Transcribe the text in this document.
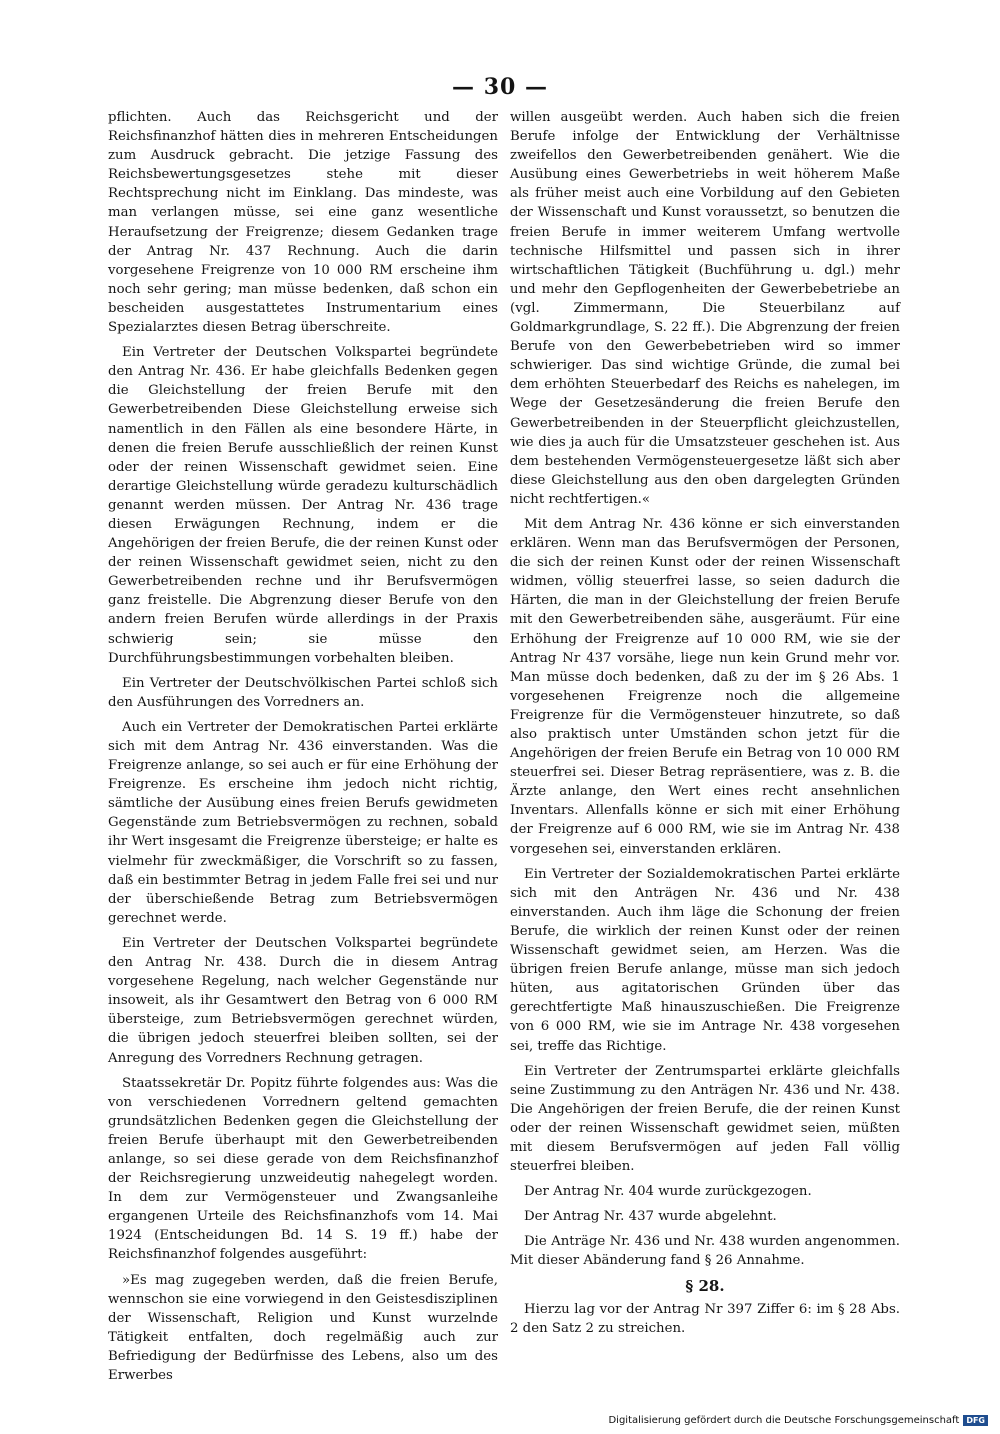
— 30 —

pflichten. Auch das Reichsgericht und der Reichsfinanzhof hätten dies in mehreren Entscheidungen zum Ausdruck gebracht. Die jetzige Fassung des Reichsbewertungsgesetzes stehe mit dieser Rechtsprechung nicht im Einklang. Das mindeste, was man verlangen müsse, sei eine ganz wesentliche Heraufsetzung der Freigrenze; diesem Gedanken trage der Antrag Nr. 437 Rechnung. Auch die darin vorgesehene Freigrenze von 10 000 RM erscheine ihm noch sehr gering; man müsse bedenken, daß schon ein bescheiden ausgestattetes Instrumentarium eines Spezialarztes diesen Betrag überschreite.

Ein Vertreter der Deutschen Volkspartei begründete den Antrag Nr. 436. Er habe gleichfalls Bedenken gegen die Gleichstellung der freien Berufe mit den Gewerbetreibenden Diese Gleichstellung erweise sich namentlich in den Fällen als eine besondere Härte, in denen die freien Berufe ausschließlich der reinen Kunst oder der reinen Wissenschaft gewidmet seien. Eine derartige Gleichstellung würde geradezu kulturschädlich genannt werden müssen. Der Antrag Nr. 436 trage diesen Erwägungen Rechnung, indem er die Angehörigen der freien Berufe, die der reinen Kunst oder der reinen Wissenschaft gewidmet seien, nicht zu den Gewerbetreibenden rechne und ihr Berufsvermögen ganz freistelle. Die Abgrenzung dieser Berufe von den andern freien Berufen würde allerdings in der Praxis schwierig sein; sie müsse den Durchführungsbestimmungen vorbehalten bleiben.

Ein Vertreter der Deutschvölkischen Partei schloß sich den Ausführungen des Vorredners an.

Auch ein Vertreter der Demokratischen Partei erklärte sich mit dem Antrag Nr. 436 einverstanden. Was die Freigrenze anlange, so sei auch er für eine Erhöhung der Freigrenze. Es erscheine ihm jedoch nicht richtig, sämtliche der Ausübung eines freien Berufs gewidmeten Gegenstände zum Betriebsvermögen zu rechnen, sobald ihr Wert insgesamt die Freigrenze übersteige; er halte es vielmehr für zweckmäßiger, die Vorschrift so zu fassen, daß ein bestimmter Betrag in jedem Falle frei sei und nur der überschießende Betrag zum Betriebsvermögen gerechnet werde.

Ein Vertreter der Deutschen Volkspartei begründete den Antrag Nr. 438. Durch die in diesem Antrag vorgesehene Regelung, nach welcher Gegenstände nur insoweit, als ihr Gesamtwert den Betrag von 6 000 RM übersteige, zum Betriebsvermögen gerechnet würden, die übrigen jedoch steuerfrei bleiben sollten, sei der Anregung des Vorredners Rechnung getragen.

Staatssekretär Dr. Popitz führte folgendes aus: Was die von verschiedenen Vorrednern geltend gemachten grundsätzlichen Bedenken gegen die Gleichstellung der freien Berufe überhaupt mit den Gewerbetreibenden anlange, so sei diese gerade von dem Reichsfinanzhof der Reichsregierung unzweideutig nahegelegt worden. In dem zur Vermögensteuer und Zwangsanleihe ergangenen Urteile des Reichsfinanzhofs vom 14. Mai 1924 (Entscheidungen Bd. 14 S. 19 ff.) habe der Reichsfinanzhof folgendes ausgeführt:

»Es mag zugegeben werden, daß die freien Berufe, wennschon sie eine vorwiegend in den Geistesdisziplinen der Wissenschaft, Religion und Kunst wurzelnde Tätigkeit entfalten, doch regelmäßig auch zur Befriedigung der Bedürfnisse des Lebens, also um des Erwerbes

willen ausgeübt werden. Auch haben sich die freien Berufe infolge der Entwicklung der Verhältnisse zweifellos den Gewerbetreibenden genähert. Wie die Ausübung eines Gewerbetriebs in weit höherem Maße als früher meist auch eine Vorbildung auf den Gebieten der Wissenschaft und Kunst voraussetzt, so benutzen die freien Berufe in immer weiterem Umfang wertvolle technische Hilfsmittel und passen sich in ihrer wirtschaftlichen Tätigkeit (Buchführung u. dgl.) mehr und mehr den Gepflogenheiten der Gewerbebetriebe an (vgl. Zimmermann, Die Steuerbilanz auf Goldmarkgrundlage, S. 22 ff.). Die Abgrenzung der freien Berufe von den Gewerbebetrieben wird so immer schwieriger. Das sind wichtige Gründe, die zumal bei dem erhöhten Steuerbedarf des Reichs es nahelegen, im Wege der Gesetzesänderung die freien Berufe den Gewerbetreibenden in der Steuerpflicht gleichzustellen, wie dies ja auch für die Umsatzsteuer geschehen ist. Aus dem bestehenden Vermögensteuergesetze läßt sich aber diese Gleichstellung aus den oben dargelegten Gründen nicht rechtfertigen.«

Mit dem Antrag Nr. 436 könne er sich einverstanden erklären. Wenn man das Berufsvermögen der Personen, die sich der reinen Kunst oder der reinen Wissenschaft widmen, völlig steuerfrei lasse, so seien dadurch die Härten, die man in der Gleichstellung der freien Berufe mit den Gewerbetreibenden sähe, ausgeräumt. Für eine Erhöhung der Freigrenze auf 10 000 RM, wie sie der Antrag Nr 437 vorsähe, liege nun kein Grund mehr vor. Man müsse doch bedenken, daß zu der im § 26 Abs. 1 vorgesehenen Freigrenze noch die allgemeine Freigrenze für die Vermögensteuer hinzutrete, so daß also praktisch unter Umständen schon jetzt für die Angehörigen der freien Berufe ein Betrag von 10 000 RM steuerfrei sei. Dieser Betrag repräsentiere, was z. B. die Ärzte anlange, den Wert eines recht ansehnlichen Inventars. Allenfalls könne er sich mit einer Erhöhung der Freigrenze auf 6 000 RM, wie sie im Antrag Nr. 438 vorgesehen sei, einverstanden erklären.

Ein Vertreter der Sozialdemokratischen Partei erklärte sich mit den Anträgen Nr. 436 und Nr. 438 einverstanden. Auch ihm läge die Schonung der freien Berufe, die wirklich der reinen Kunst oder der reinen Wissenschaft gewidmet seien, am Herzen. Was die übrigen freien Berufe anlange, müsse man sich jedoch hüten, aus agitatorischen Gründen über das gerechtfertigte Maß hinauszuschießen. Die Freigrenze von 6 000 RM, wie sie im Antrage Nr. 438 vorgesehen sei, treffe das Richtige.

Ein Vertreter der Zentrumspartei erklärte gleichfalls seine Zustimmung zu den Anträgen Nr. 436 und Nr. 438. Die Angehörigen der freien Berufe, die der reinen Kunst oder der reinen Wissenschaft gewidmet seien, müßten mit diesem Berufsvermögen auf jeden Fall völlig steuerfrei bleiben.

Der Antrag Nr. 404 wurde zurückgezogen.

Der Antrag Nr. 437 wurde abgelehnt.

Die Anträge Nr. 436 und Nr. 438 wurden angenommen. Mit dieser Abänderung fand § 26 Annahme.

§ 28.

Hierzu lag vor der Antrag Nr 397 Ziffer 6: im § 28 Abs. 2 den Satz 2 zu streichen.

Digitalisierung gefördert durch die Deutsche Forschungsgemeinschaft DFG
